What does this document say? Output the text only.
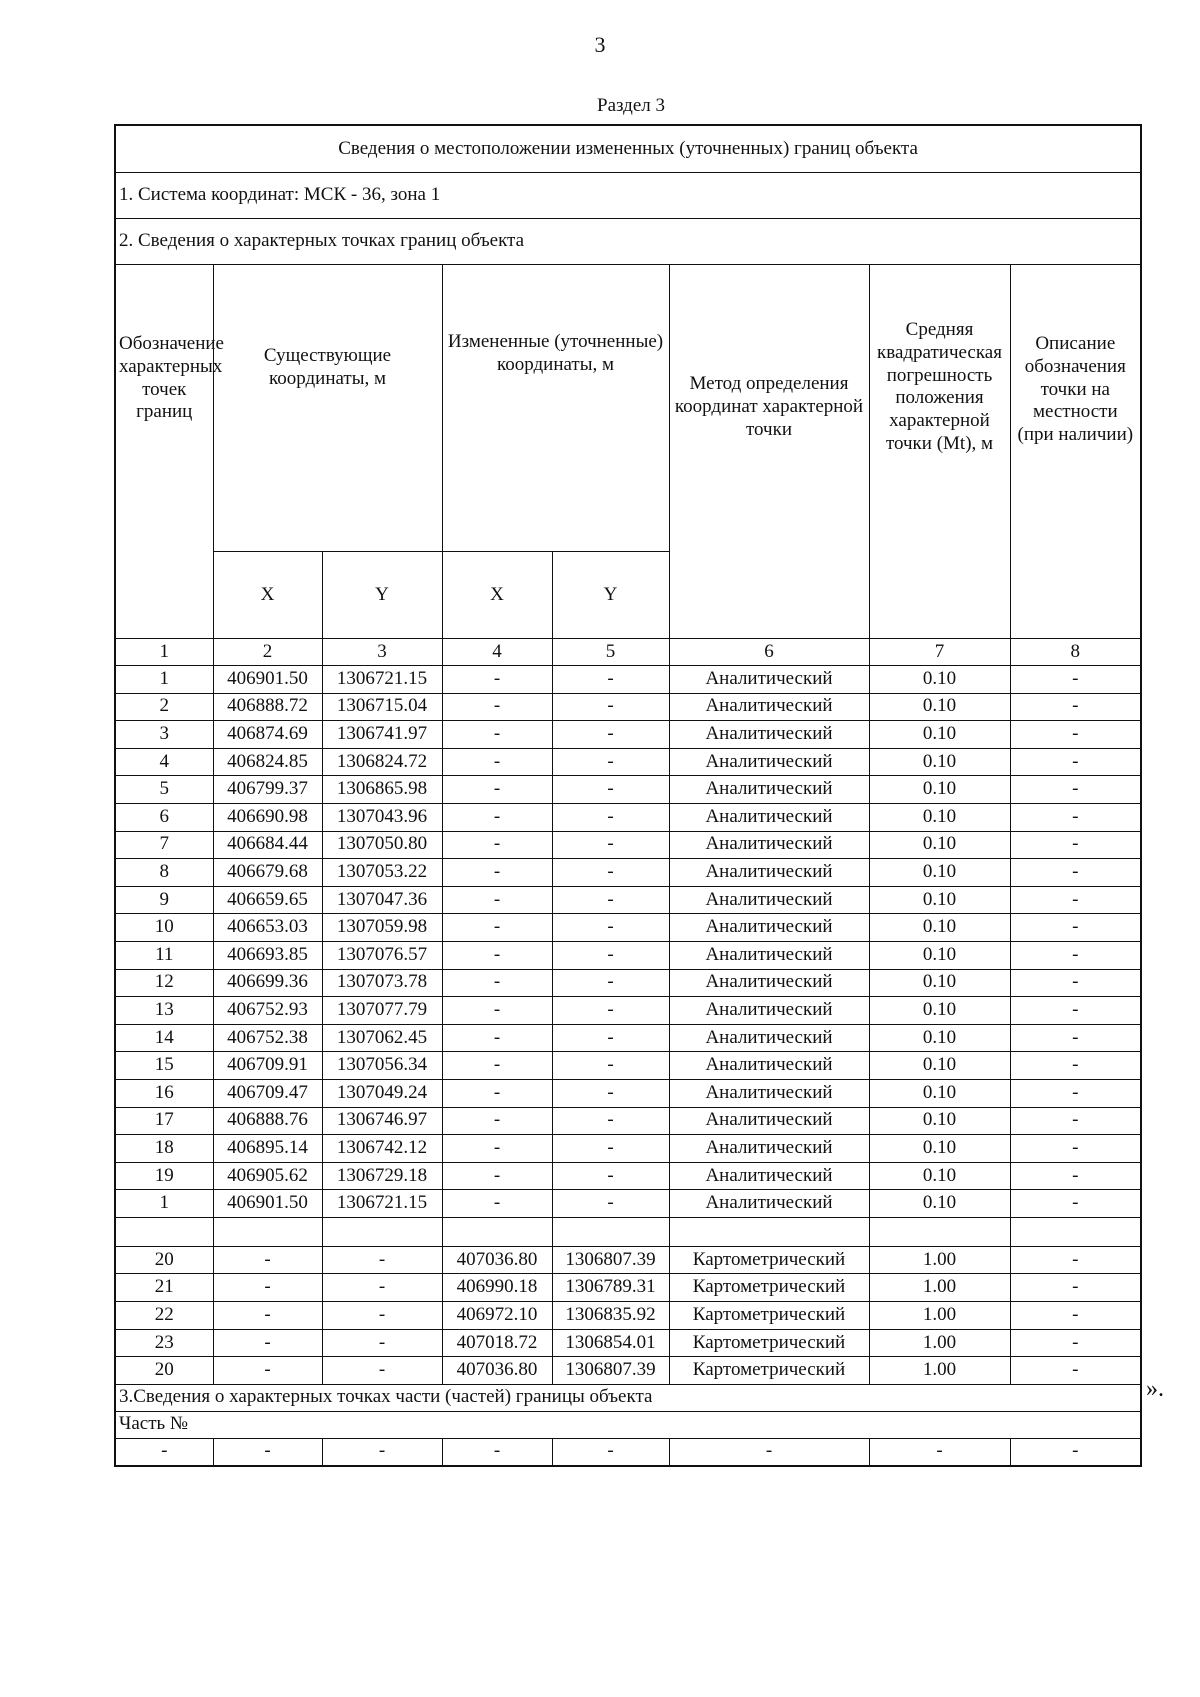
3
Раздел 3
Сведения о местоположении измененных (уточненных) границ объекта							
1. Система координат: МСК - 36, зона 1							
2. Сведения о характерных точках границ объекта							
Обозначение характерных точек границ	Существующие координаты, м		Измененные (уточненные) координаты, м		Метод определения координат характерной точки	Средняя квадратическая погрешность положения характерной точки (Mt), м	Описание обозначения точки на местности (при наличии)
	X	Y	X	Y			
1	2	3	4	5	6	7	8
1	406901.50	1306721.15	-	-	Аналитический	0.10	-
2	406888.72	1306715.04	-	-	Аналитический	0.10	-
3	406874.69	1306741.97	-	-	Аналитический	0.10	-
4	406824.85	1306824.72	-	-	Аналитический	0.10	-
5	406799.37	1306865.98	-	-	Аналитический	0.10	-
6	406690.98	1307043.96	-	-	Аналитический	0.10	-
7	406684.44	1307050.80	-	-	Аналитический	0.10	-
8	406679.68	1307053.22	-	-	Аналитический	0.10	-
9	406659.65	1307047.36	-	-	Аналитический	0.10	-
10	406653.03	1307059.98	-	-	Аналитический	0.10	-
11	406693.85	1307076.57	-	-	Аналитический	0.10	-
12	406699.36	1307073.78	-	-	Аналитический	0.10	-
13	406752.93	1307077.79	-	-	Аналитический	0.10	-
14	406752.38	1307062.45	-	-	Аналитический	0.10	-
15	406709.91	1307056.34	-	-	Аналитический	0.10	-
16	406709.47	1307049.24	-	-	Аналитический	0.10	-
17	406888.76	1306746.97	-	-	Аналитический	0.10	-
18	406895.14	1306742.12	-	-	Аналитический	0.10	-
19	406905.62	1306729.18	-	-	Аналитический	0.10	-
1	406901.50	1306721.15	-	-	Аналитический	0.10	-

20	-	-	407036.80	1306807.39	Картометрический	1.00	-
21	-	-	406990.18	1306789.31	Картометрический	1.00	-
22	-	-	406972.10	1306835.92	Картометрический	1.00	-
23	-	-	407018.72	1306854.01	Картометрический	1.00	-
20	-	-	407036.80	1306807.39	Картометрический	1.00	-
3.Сведения о характерных точках части (частей) границы объекта							
Часть №							
-	-	-	-	-	-	-	-
».
